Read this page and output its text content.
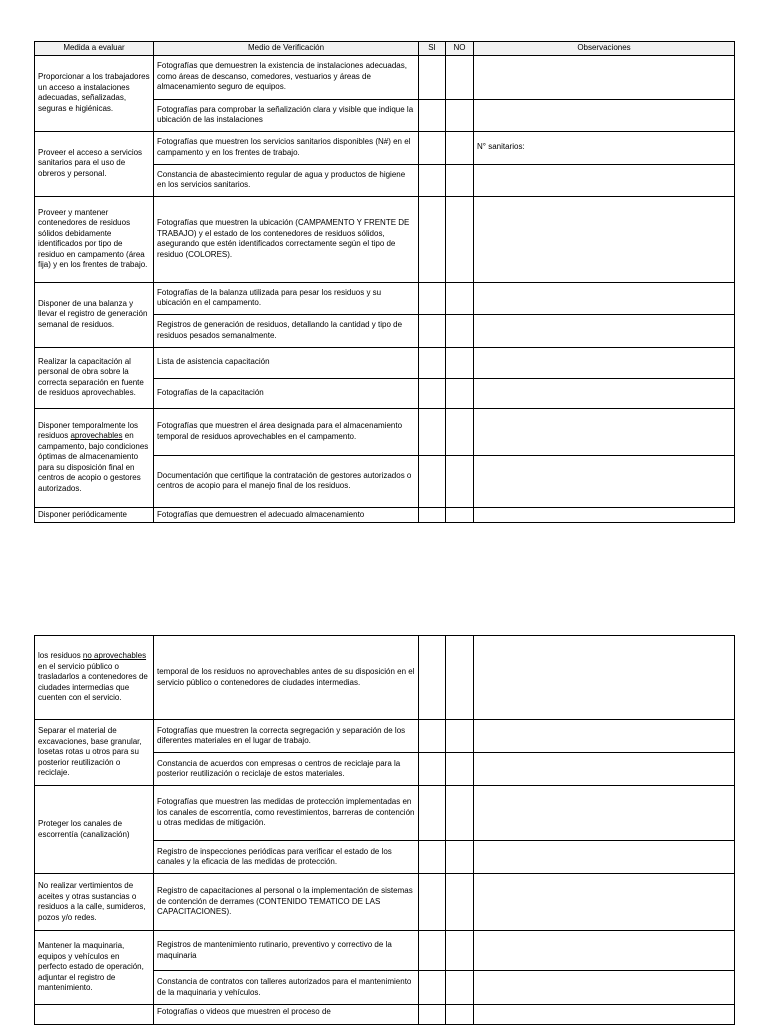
Medida a evaluar	Medio de Verificación	SI	NO	Observaciones
Proporcionar a los trabajadores un acceso a instalaciones adecuadas, señalizadas, seguras e higiénicas.	Fotografías que demuestren la existencia de instalaciones adecuadas, como áreas de descanso, comedores, vestuarios y áreas de almacenamiento seguro de equipos.			
	Fotografías para comprobar la señalización clara y visible que indique la ubicación de las instalaciones			
Proveer el acceso a servicios sanitarios para el uso de obreros y personal.	Fotografías que muestren los servicios sanitarios disponibles (N#) en el campamento y en los frentes de trabajo.			N° sanitarios:
	Constancia de abastecimiento regular de agua y productos de higiene en los servicios sanitarios.			
Proveer y mantener contenedores de residuos sólidos debidamente identificados por tipo de residuo en campamento (área fija) y en los frentes de trabajo.	Fotografías que muestren la ubicación (CAMPAMENTO Y FRENTE DE TRABAJO) y el estado de los contenedores de residuos sólidos, asegurando que estén identificados correctamente según el tipo de residuo (COLORES).			
Disponer de una balanza y llevar el registro de generación semanal de residuos.	Fotografías de la balanza utilizada para pesar los residuos y su ubicación en el campamento.			
	Registros de generación de residuos, detallando la cantidad y tipo de residuos pesados semanalmente.			
Realizar la capacitación al personal de obra sobre la correcta separación en fuente de residuos aprovechables.	Lista de asistencia capacitación			
	Fotografías de la capacitación			
Disponer temporalmente los residuos aprovechables en campamento, bajo condiciones óptimas de almacenamiento para su disposición final en centros de acopio o gestores autorizados.	Fotografías que muestren el área designada para el almacenamiento temporal de residuos aprovechables en el campamento.			
	Documentación que certifique la contratación de gestores autorizados o centros de acopio para el manejo final de los residuos.			
Disponer periódicamente	Fotografías que demuestren el adecuado almacenamiento			
los residuos no aprovechables en el servicio público o trasladarlos a contenedores de ciudades intermedias que cuenten con el servicio.	temporal de los residuos no aprovechables antes de su disposición en el servicio público o contenedores de ciudades intermedias.			
Separar el material de excavaciones, base granular, losetas rotas u otros para su posterior reutilización o reciclaje.	Fotografías que muestren la correcta segregación y separación de los diferentes materiales en el lugar de trabajo.			
	Constancia de acuerdos con empresas o centros de reciclaje para la posterior reutilización o reciclaje de estos materiales.			
Proteger los canales de escorrentía (canalización)	Fotografías que muestren las medidas de protección implementadas en los canales de escorrentía, como revestimientos, barreras de contención u otras medidas de mitigación.			
	Registro de inspecciones periódicas para verificar el estado de los canales y la eficacia de las medidas de protección.			
No realizar vertimientos de aceites y otras sustancias o residuos a la calle, sumideros, pozos y/o redes.	Registro de capacitaciones al personal o la implementación de sistemas de contención de derrames (CONTENIDO TEMATICO DE LAS CAPACITACIONES).			
Mantener la maquinaria, equipos y vehículos en perfecto estado de operación, adjuntar el registro de mantenimiento.	Registros de mantenimiento rutinario, preventivo y correctivo de la maquinaria			
	Constancia de contratos con talleres autorizados para el mantenimiento de la maquinaria y vehículos.			
	Fotografías o videos que muestren el proceso de			
